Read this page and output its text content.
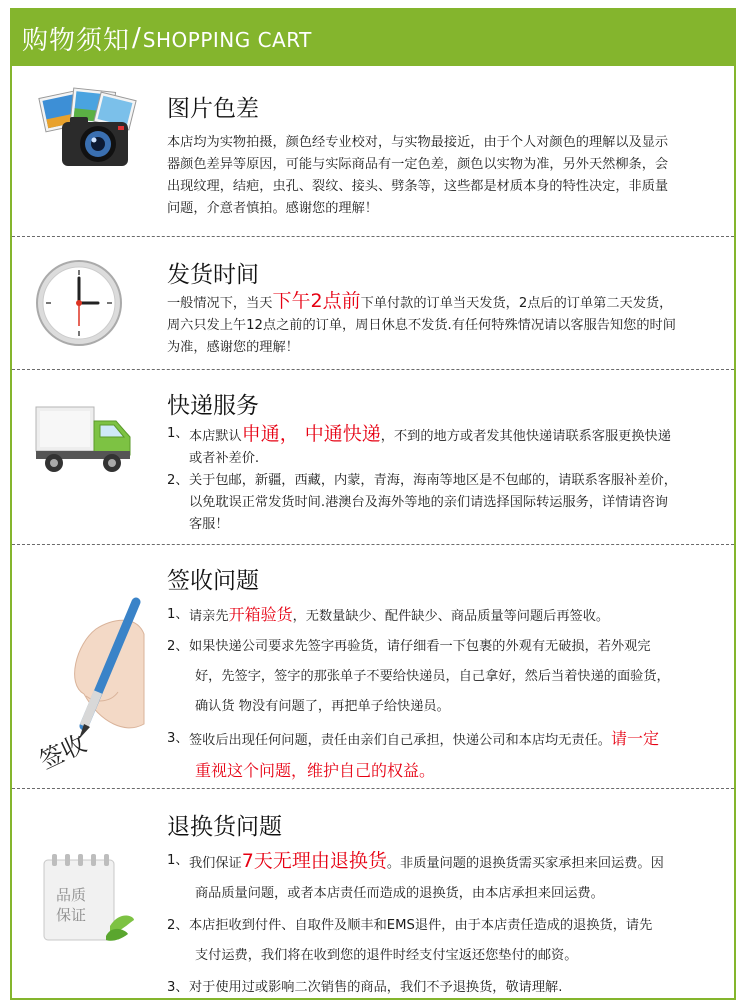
购物须知 / SHOPPING CART
图片色差
本店均为实物拍摄，颜色经专业校对，与实物最接近，由于个人对颜色的理解以及显示
器颜色差异等原因，可能与实际商品有一定色差，颜色以实物为准，另外天然柳条，会
出现纹理，结疤，虫孔、裂纹、接头、劈条等，这些都是材质本身的特性决定，非质量
问题，介意者慎拍。感谢您的理解！
发货时间
一般情况下，当天下午2点前下单付款的订单当天发货，2点后的订单第二天发货，
周六只发上午12点之前的订单，周日休息不发货.有任何特殊情况请以客服告知您的时间
为准，感谢您的理解！
快递服务
1、 本店默认申通， 中通快递，不到的地方或者发其他快递请联系客服更换快递
或者补差价.
2、 关于包邮，新疆，西藏，内蒙，青海，海南等地区是不包邮的，请联系客服补差价，
以免耽误正常发货时间.港澳台及海外等地的亲们请选择国际转运服务，详情请咨询
客服！
签收
签收问题
1、 请亲先开箱验货，无数量缺少、配件缺少、商品质量等问题后再签收。
2、 如果快递公司要求先签字再验货，请仔细看一下包裹的外观有无破损，若外观完
好，先签字，签字的那张单子不要给快递员，自己拿好，然后当着快递的面验货，
确认货 物没有问题了，再把单子给快递员。
3、 签收后出现任何问题，责任由亲们自己承担，快递公司和本店均无责任。请一定
重视这个问题，维护自己的权益。
品质
保证
退换货问题
1、 我们保证7天无理由退换货。非质量问题的退换货需买家承担来回运费。因
商品质量问题，或者本店责任而造成的退换货，由本店承担来回运费。
2、 本店拒收到付件、自取件及顺丰和EMS退件，由于本店责任造成的退换货，请先
支付运费，我们将在收到您的退件时经支付宝返还您垫付的邮资。
3、 对于使用过或影响二次销售的商品，我们不予退换货，敬请理解.
